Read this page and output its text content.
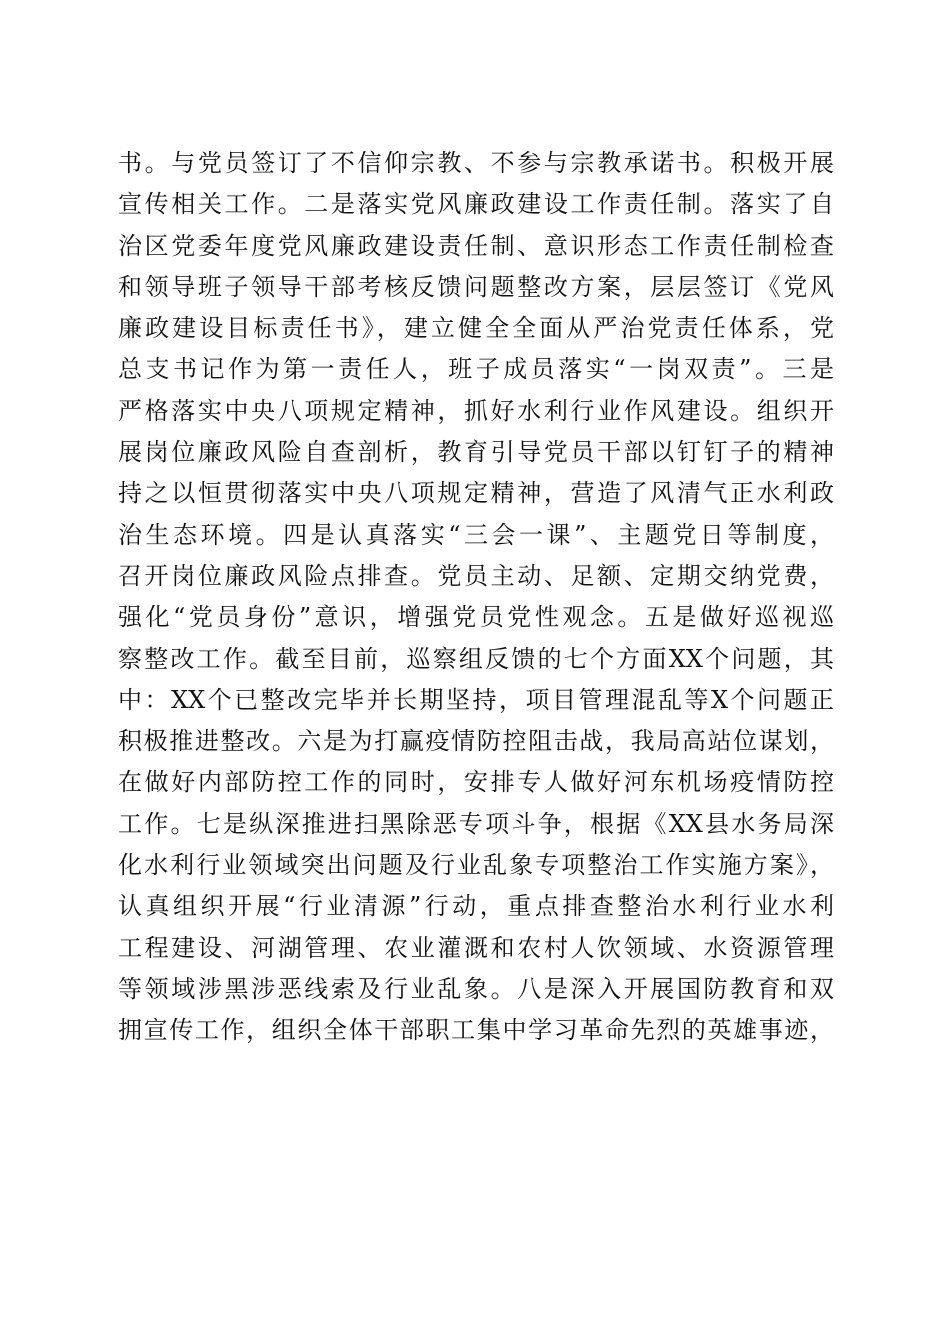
书。与党员签订了不信仰宗教、不参与宗教承诺书。积极开展
宣传相关工作。二是落实党风廉政建设工作责任制。落实了自
治区党委年度党风廉政建设责任制、意识形态工作责任制检查
和领导班子领导干部考核反馈问题整改方案，层层签订《党风
廉政建设目标责任书》，建立健全全面从严治党责任体系，党
总支书记作为第一责任人，班子成员落实“一岗双责”。三是
严格落实中央八项规定精神，抓好水利行业作风建设。组织开
展岗位廉政风险自查剖析，教育引导党员干部以钉钉子的精神
持之以恒贯彻落实中央八项规定精神，营造了风清气正水利政
治生态环境。四是认真落实“三会一课”、主题党日等制度，
召开岗位廉政风险点排查。党员主动、足额、定期交纳党费，
强化“党员身份”意识，增强党员党性观念。五是做好巡视巡
察整改工作。截至目前，巡察组反馈的七个方面XX个问题，其
中：XX个已整改完毕并长期坚持，项目管理混乱等X个问题正
积极推进整改。六是为打赢疫情防控阻击战，我局高站位谋划，
在做好内部防控工作的同时，安排专人做好河东机场疫情防控
工作。七是纵深推进扫黑除恶专项斗争，根据《XX县水务局深
化水利行业领域突出问题及行业乱象专项整治工作实施方案》，
认真组织开展“行业清源”行动，重点排查整治水利行业水利
工程建设、河湖管理、农业灌溉和农村人饮领域、水资源管理
等领域涉黑涉恶线索及行业乱象。八是深入开展国防教育和双
拥宣传工作，组织全体干部职工集中学习革命先烈的英雄事迹，
